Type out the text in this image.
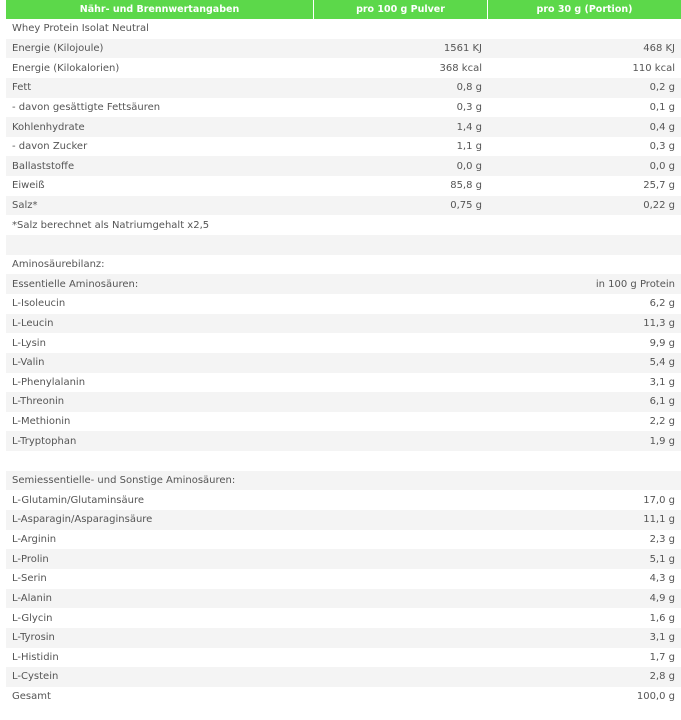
Nähr- und Brennwertangaben	pro 100 g Pulver	pro 30 g (Portion)
Whey Protein Isolat Neutral		
Energie (Kilojoule)	1561 KJ	468 KJ
Energie (Kilokalorien)	368 kcal	110 kcal
Fett	0,8 g	0,2 g
- davon gesättigte Fettsäuren	0,3 g	0,1 g
Kohlenhydrate	1,4 g	0,4 g
- davon Zucker	1,1 g	0,3 g
Ballaststoffe	0,0 g	0,0 g
Eiweiß	85,8 g	25,7 g
Salz*	0,75 g	0,22 g
*Salz berechnet als Natriumgehalt x2,5		

Aminosäurebilanz:		
Essentielle Aminosäuren:		in 100 g Protein
L-Isoleucin		6,2 g
L-Leucin		11,3 g
L-Lysin		9,9 g
L-Valin		5,4 g
L-Phenylalanin		3,1 g
L-Threonin		6,1 g
L-Methionin		2,2 g
L-Tryptophan		1,9 g

Semiessentielle- und Sonstige Aminosäuren:		
L-Glutamin/Glutaminsäure		17,0 g
L-Asparagin/Asparaginsäure		11,1 g
L-Arginin		2,3 g
L-Prolin		5,1 g
L-Serin		4,3 g
L-Alanin		4,9 g
L-Glycin		1,6 g
L-Tyrosin		3,1 g
L-Histidin		1,7 g
L-Cystein		2,8 g
Gesamt		100,0 g
